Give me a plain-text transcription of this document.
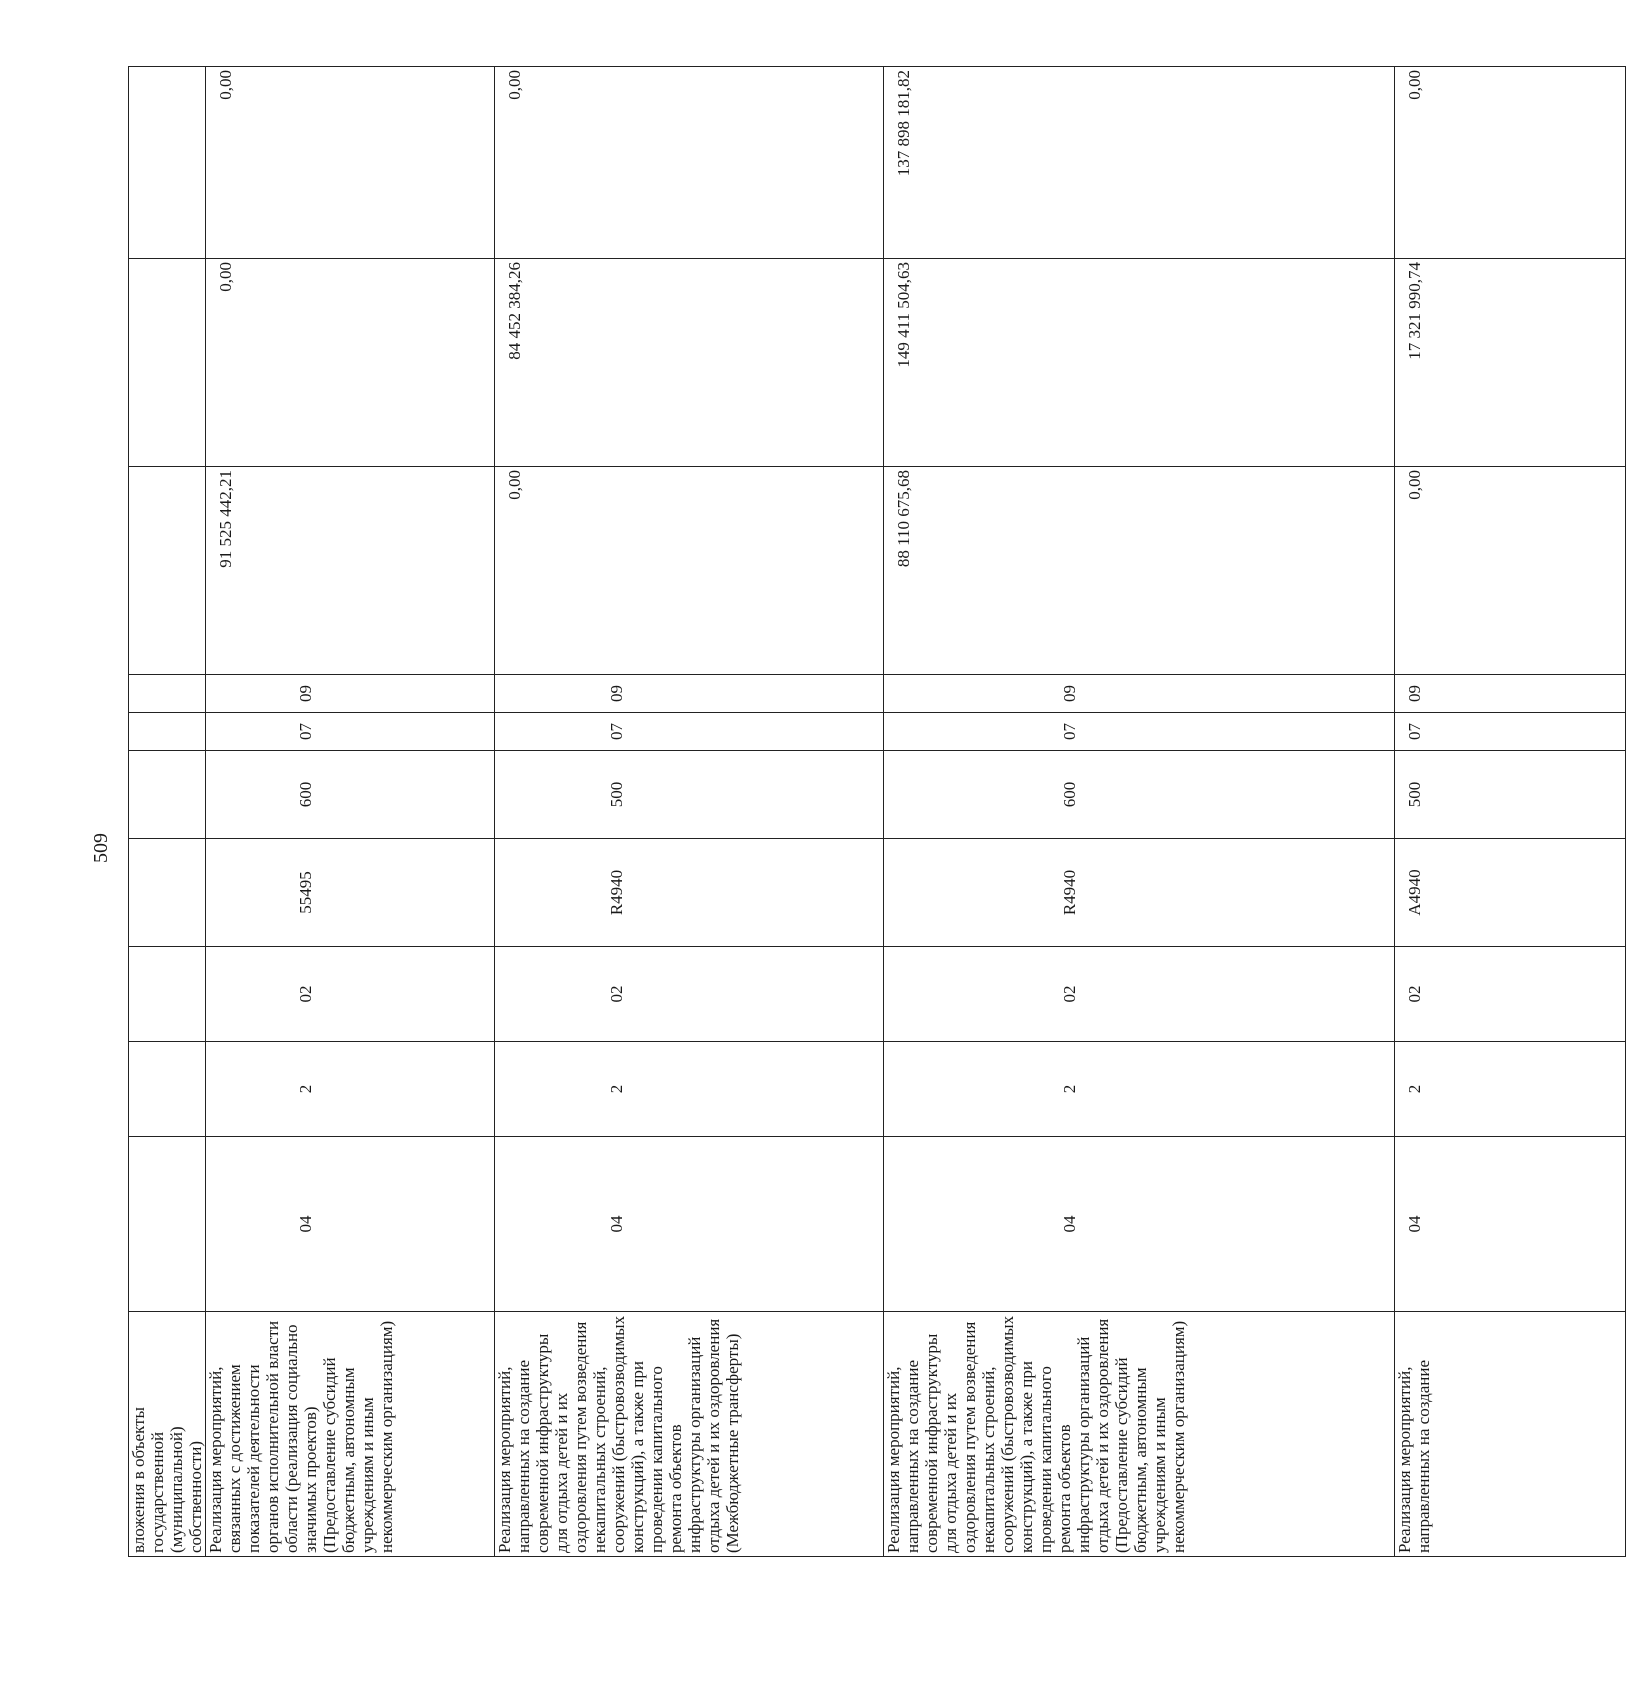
509
вложения в объекты государственной (муниципальной) собственности)										
Реализация мероприятий, связанных с достижением показателей деятельности органов исполнительной власти области (реализация социально значимых проектов) (Предоставление субсидий бюджетным, автономным учреждениям и иным некоммерческим организациям)	04	2	02	55495	600	07	09	91 525 442,21	0,00	0,00
Реализация мероприятий, направленных на создание современной инфраструктуры для отдыха детей и их оздоровления путем возведения некапитальных строений, сооружений (быстровозводимых конструкций), а также при проведении капитального ремонта объектов инфраструктуры организаций отдыха детей и их оздоровления (Межбюджетные трансферты)	04	2	02	R4940	500	07	09	0,00	84 452 384,26	0,00
Реализация мероприятий, направленных на создание современной инфраструктуры для отдыха детей и их оздоровления путем возведения некапитальных строений, сооружений (быстровозводимых конструкций), а также при проведении капитального ремонта объектов инфраструктуры организаций отдыха детей и их оздоровления (Предоставление субсидий бюджетным, автономным учреждениям и иным некоммерческим организациям)	04	2	02	R4940	600	07	09	88 110 675,68	149 411 504,63	137 898 181,82
Реализация мероприятий, направленных на создание	04	2	02	A4940	500	07	09	0,00	17 321 990,74	0,00
